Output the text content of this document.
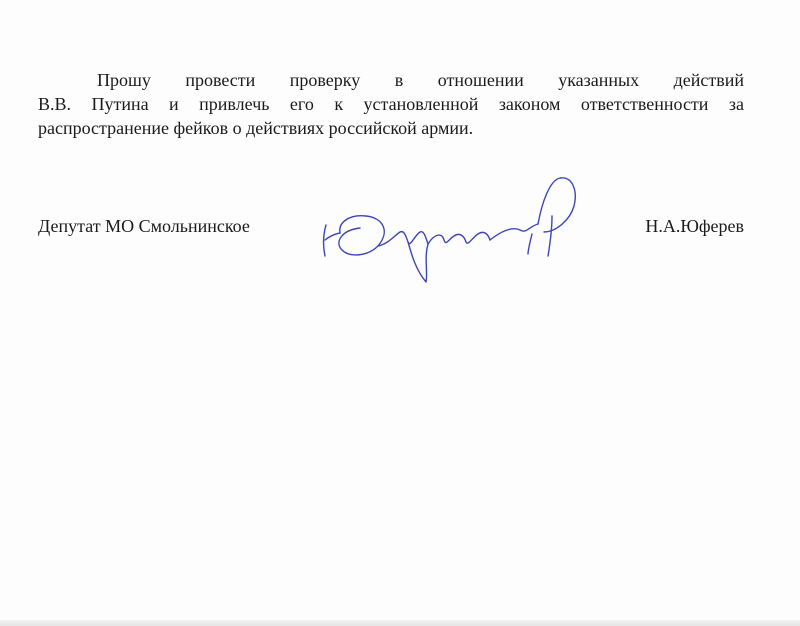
Прошу провести проверку в отношении указанных действий
В.В. Путина и привлечь его к установленной законом ответственности за
распространение фейков о действиях российской армии.
Депутат МО Смольнинское	Н.А.Юферев
